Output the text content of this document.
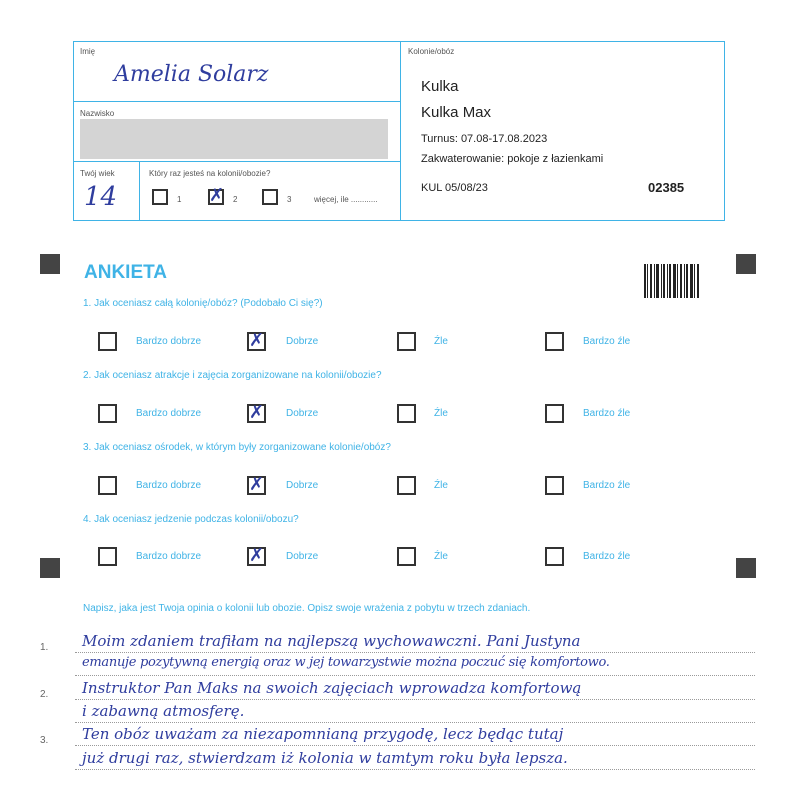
Imię
Amelia Solarz
Nazwisko
Twój wiek
14
Który raz jesteś na kolonii/obozie?
1 ✗ 2	3	więcej, ile ............
Kolonie/obóz
Kulka
Kulka Max
Turnus: 07.08-17.08.2023
Zakwaterowanie: pokoje z łazienkami
KUL 05/08/23	02385
ANKIETA
1. Jak oceniasz całą kolonię/obóz? (Podobało Ci się?)
Bardzo dobrze	✗ Dobrze	Źle	Bardzo źle
2. Jak oceniasz atrakcje i zajęcia zorganizowane na kolonii/obozie?
Bardzo dobrze	✗ Dobrze	Źle	Bardzo źle
3. Jak oceniasz ośrodek, w którym były zorganizowane kolonie/obóz?
Bardzo dobrze	✗ Dobrze	Źle	Bardzo źle
4. Jak oceniasz jedzenie podczas kolonii/obozu?
Bardzo dobrze	✗ Dobrze	Źle	Bardzo źle
Napisz, jaka jest Twoja opinia o kolonii lub obozie. Opisz swoje wrażenia z pobytu w trzech zdaniach.
1.
2.
3.
Moim zdaniem trafiłam na najlepszą wychowawczni. Pani Justyna
emanuje pozytywną energią oraz w jej towarzystwie można poczuć się komfortowo.
Instruktor Pan Maks na swoich zajęciach wprowadza komfortową
i zabawną atmosferę.
Ten obóz uważam za niezapomnianą przygodę, lecz będąc tutaj
już drugi raz, stwierdzam iż kolonia w tamtym roku była lepsza.
